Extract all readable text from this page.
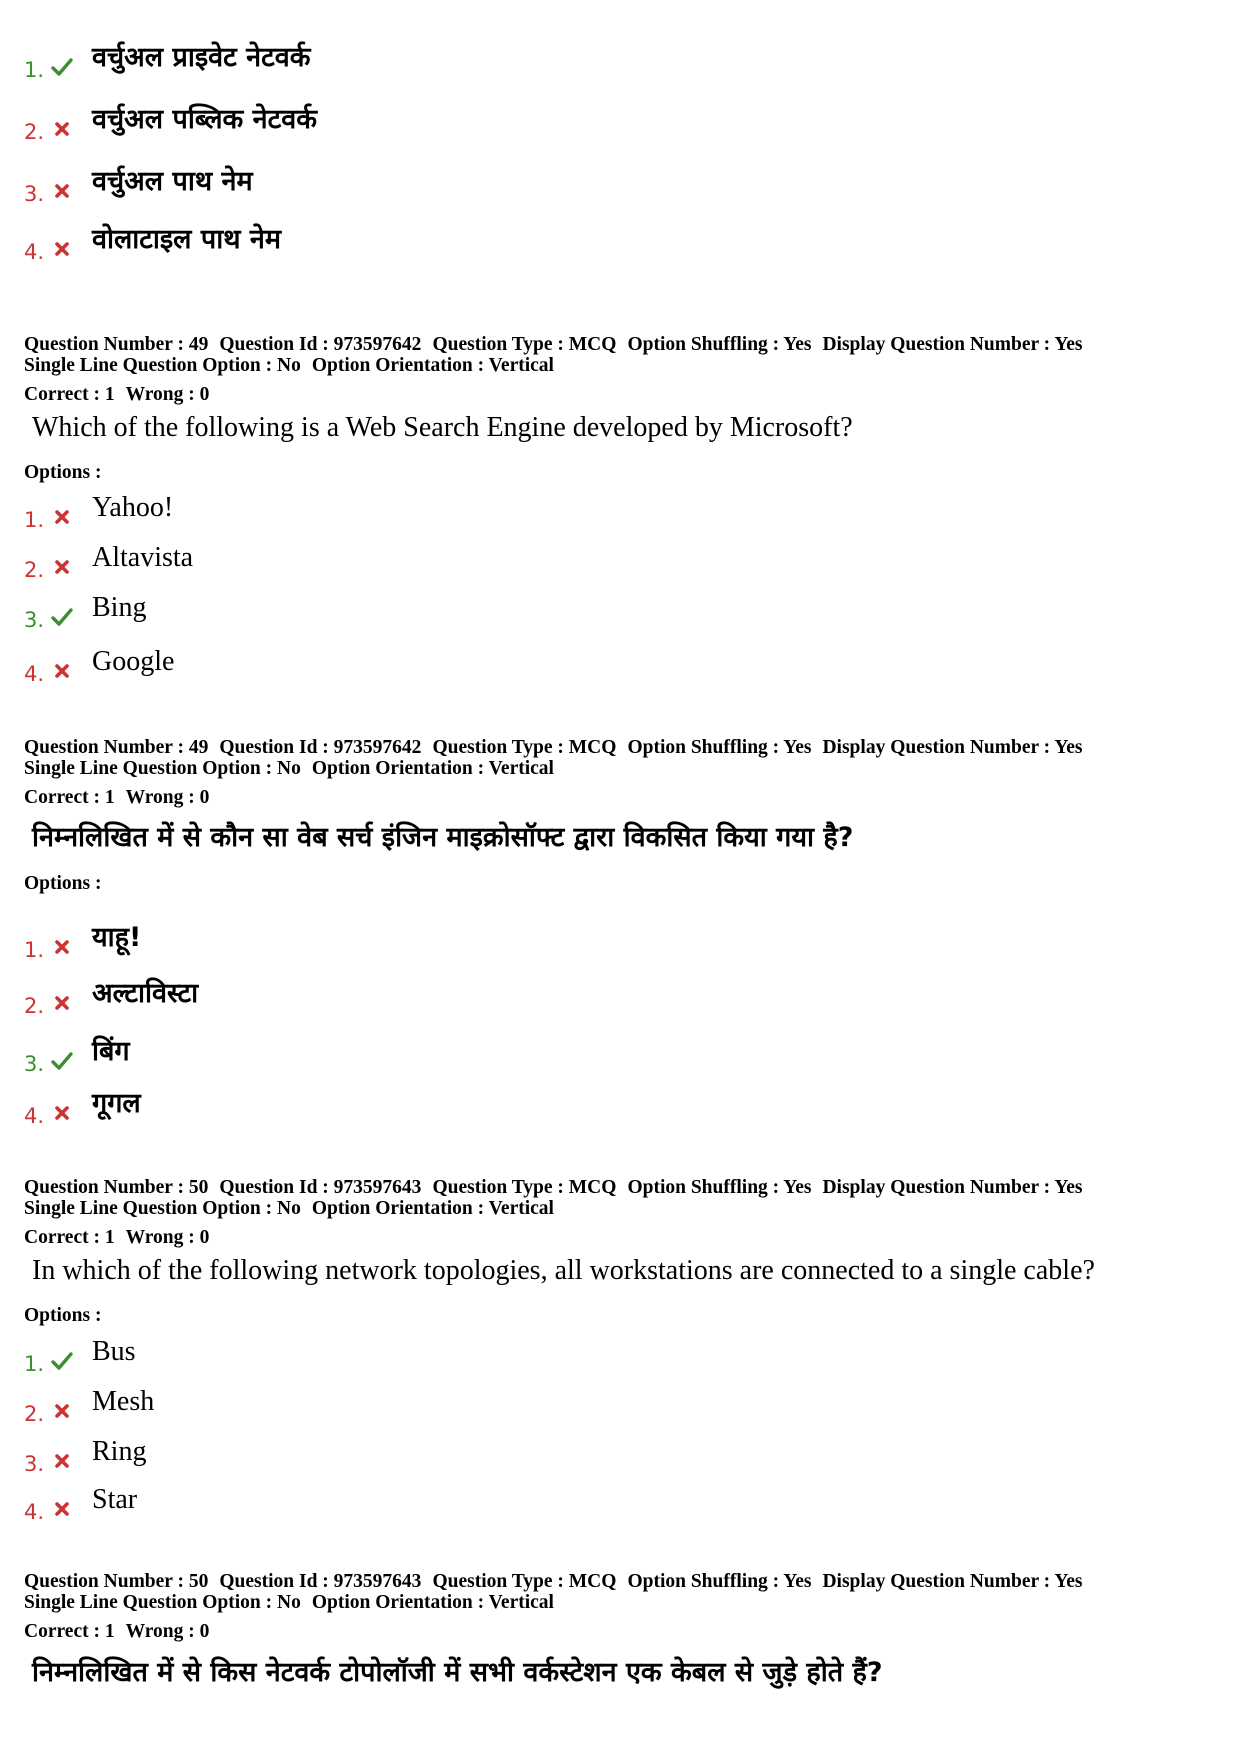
1. वर्चुअल प्राइवेट नेटवर्क
2. वर्चुअल पब्लिक नेटवर्क
3. वर्चुअल पाथ नेम
4. वोलाटाइल पाथ नेम
Question Number : 49 Question Id : 973597642 Question Type : MCQ Option Shuffling : Yes Display Question Number : Yes
Single Line Question Option : No Option Orientation : Vertical
Correct : 1 Wrong : 0
Which of the following is a Web Search Engine developed by Microsoft?
Options :
1. Yahoo!
2. Altavista
3. Bing
4. Google
Question Number : 49 Question Id : 973597642 Question Type : MCQ Option Shuffling : Yes Display Question Number : Yes
Single Line Question Option : No Option Orientation : Vertical
Correct : 1 Wrong : 0
निम्नलिखित में से कौन सा वेब सर्च इंजिन माइक्रोसॉफ्ट द्वारा विकसित किया गया है?
Options :
1. याहू!
2. अल्टाविस्टा
3. बिंग
4. गूगल
Question Number : 50 Question Id : 973597643 Question Type : MCQ Option Shuffling : Yes Display Question Number : Yes
Single Line Question Option : No Option Orientation : Vertical
Correct : 1 Wrong : 0
In which of the following network topologies, all workstations are connected to a single cable?
Options :
1. Bus
2. Mesh
3. Ring
4. Star
Question Number : 50 Question Id : 973597643 Question Type : MCQ Option Shuffling : Yes Display Question Number : Yes
Single Line Question Option : No Option Orientation : Vertical
Correct : 1 Wrong : 0
निम्नलिखित में से किस नेटवर्क टोपोलॉजी में सभी वर्कस्टेशन एक केबल से जुड़े होते हैं?
